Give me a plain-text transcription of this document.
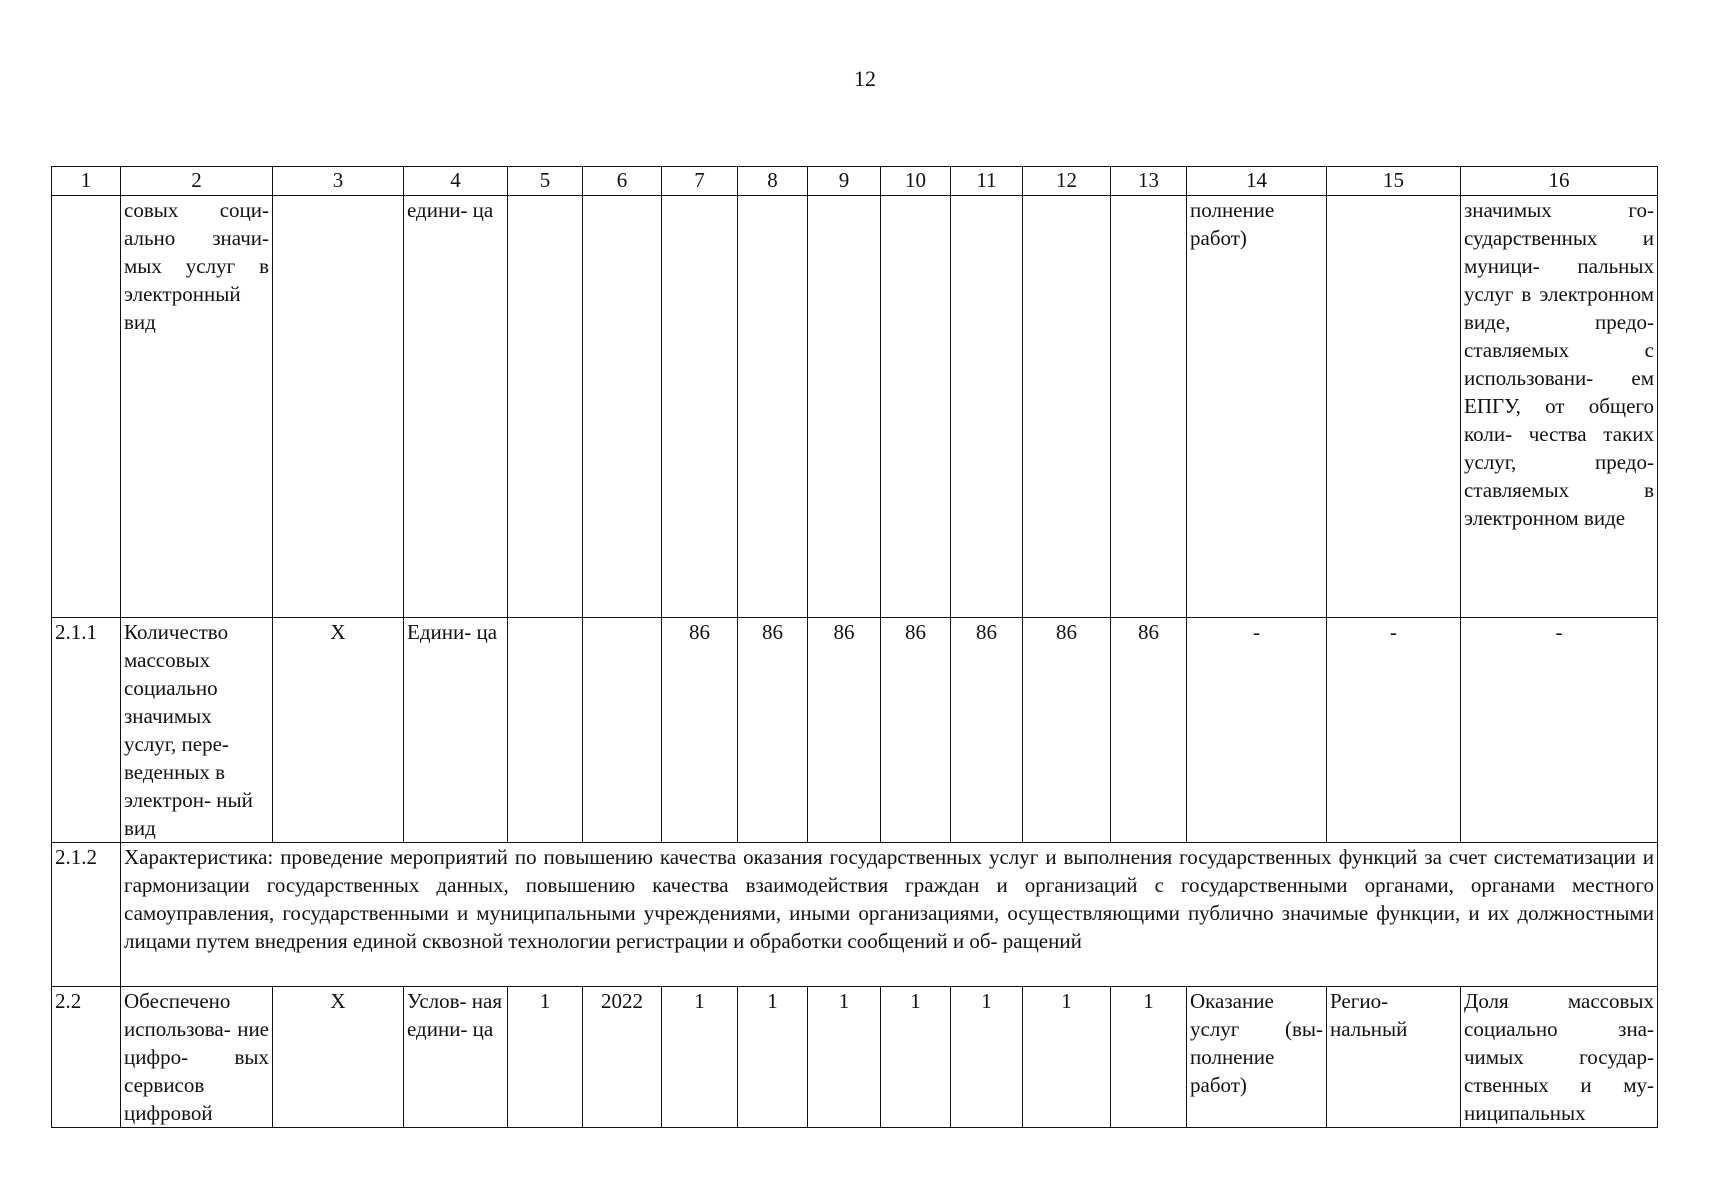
12
1	2	3	4	5	6	7	8	9	10	11	12	13	14	15	16
	совых соци- ально значи- мых услуг в электронный вид		едини- ца										полнение работ)		значимых го- сударственных и муници- пальных услуг в электронном виде, предо- ставляемых с использовани- ем ЕПГУ, от общего коли- чества таких услуг, предо- ставляемых в электронном виде
2.1.1	Количество массовых социально значимых услуг, пере- веденных в электрон- ный вид	X	Едини- ца			86	86	86	86	86	86	86	-	-	-
2.1.2	Характеристика: проведение мероприятий по повышению качества оказания государственных услуг и выполнения государственных функций за счет систематизации и гармонизации государственных данных, повышению качества взаимодействия граждан и организаций с государственными органами, органами местного самоуправления, государственными и муниципальными учреждениями, иными организациями, осуществляющими публично значимые функции, и их должностными лицами путем внедрения единой сквозной технологии регистрации и обработки сообщений и об- ращений														
2.2	Обеспечено использова- ние цифро- вых сервисов цифровой	X	Услов- ная едини- ца	1	2022	1	1	1	1	1	1	1	Оказание услуг (вы- полнение работ)	Регио- нальный	Доля массовых социально зна- чимых государ- ственных и му- ниципальных
